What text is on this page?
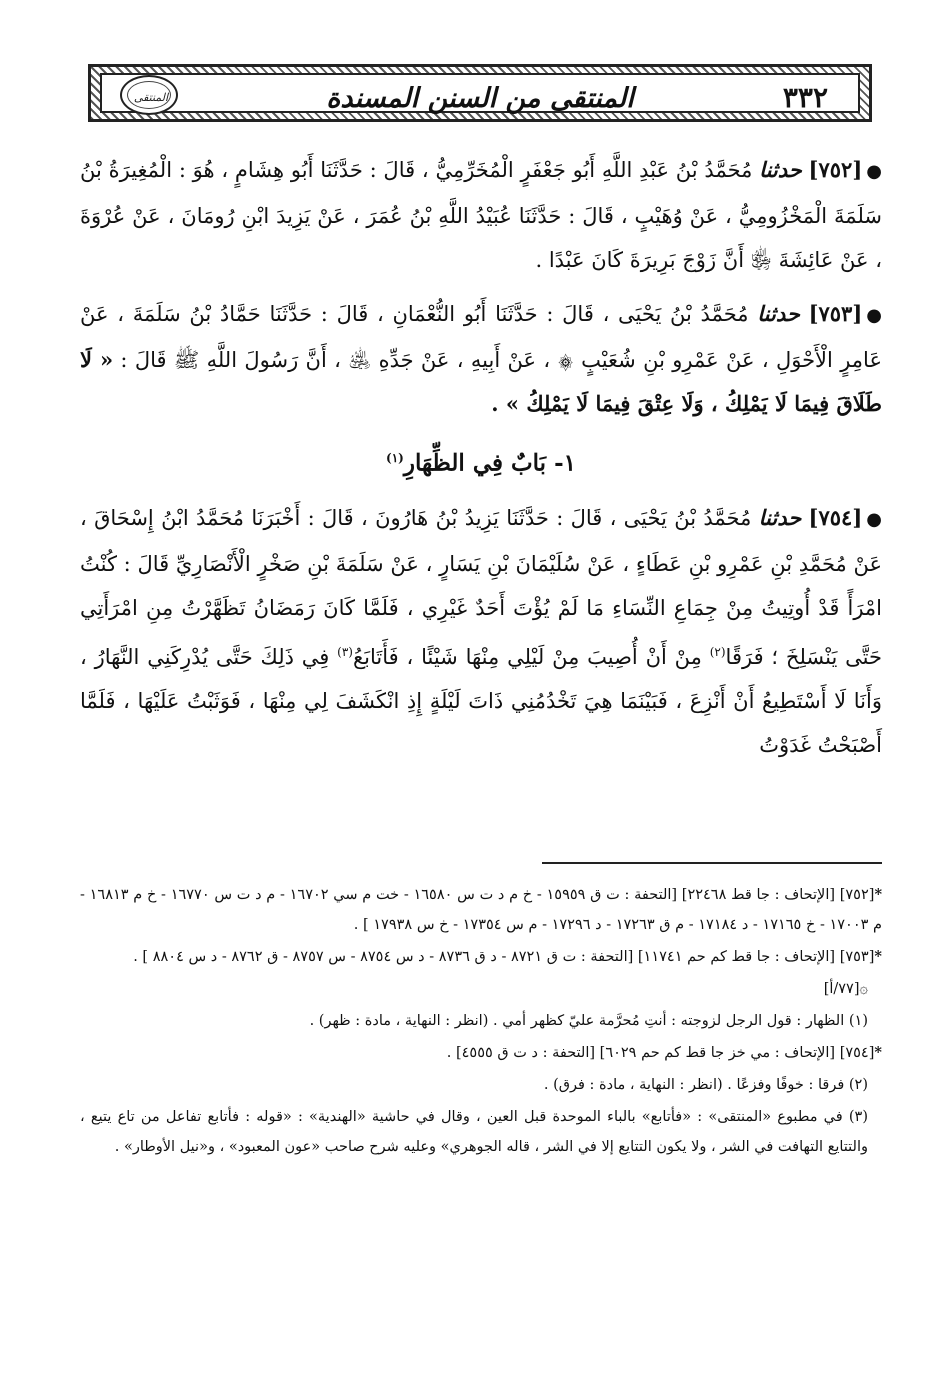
٣٣٢
المنتقى من السنن المسندة
المنتقى

●[٧٥٢] حدثنا مُحَمَّدُ بْنُ عَبْدِ اللَّهِ أَبُو جَعْفَرٍ الْمُخَرِّمِيُّ ، قَالَ : حَدَّثَنَا أَبُو هِشَامٍ ، هُوَ : الْمُغِيرَةُ بْنُ سَلَمَةَ الْمَخْزُومِيُّ ، عَنْ وُهَيْبٍ ، قَالَ : حَدَّثَنَا عُبَيْدُ اللَّهِ بْنُ عُمَرَ ، عَنْ يَزِيدَ ابْنِ رُومَانَ ، عَنْ عُرْوَةَ ، عَنْ عَائِشَةَ ﵂ أَنَّ زَوْجَ بَرِيرَةَ كَانَ عَبْدًا .

●[٧٥٣] حدثنا مُحَمَّدُ بْنُ يَحْيَى ، قَالَ : حَدَّثَنَا أَبُو النُّعْمَانِ ، قَالَ : حَدَّثَنَا حَمَّادُ بْنُ سَلَمَةَ ، عَنْ عَامِرٍ الْأَحْوَلِ ، عَنْ عَمْرِو بْنِ شُعَيْبٍ ۞ ، عَنْ أَبِيهِ ، عَنْ جَدِّهِ ﵁ ، أَنَّ رَسُولَ اللَّهِ ﷺ قَالَ : « لَا طَلَاقَ فِيمَا لَا يَمْلِكُ ، وَلَا عِتْقَ فِيمَا لَا يَمْلِكُ » .

١- بَابٌ فِي الظِّهَارِ$^{(١)}$

●[٧٥٤] حدثنا مُحَمَّدُ بْنُ يَحْيَى ، قَالَ : حَدَّثَنَا يَزِيدُ بْنُ هَارُونَ ، قَالَ : أَخْبَرَنَا مُحَمَّدُ ابْنُ إِسْحَاقَ ، عَنْ مُحَمَّدِ بْنِ عَمْرِو بْنِ عَطَاءٍ ، عَنْ سُلَيْمَانَ بْنِ يَسَارٍ ، عَنْ سَلَمَةَ بْنِ صَخْرٍ الْأَنْصَارِيِّ قَالَ : كُنْتُ امْرَأً قَدْ أُوتِيتُ مِنْ جِمَاعِ النِّسَاءِ مَا لَمْ يُؤْتَ أَحَدٌ غَيْرِي ، فَلَمَّا كَانَ رَمَضَانُ تَظَهَّرْتُ مِنِ امْرَأَتِي حَتَّى يَنْسَلِخَ ؛ فَرَقًا$^{(٢)}$ مِنْ أَنْ أُصِيبَ مِنْ لَيْلِي مِنْهَا شَيْئًا ، فَأَتَابَعُ$^{(٣)}$ فِي ذَلِكَ حَتَّى يُدْرِكَنِي النَّهَارُ ، وَأَنَا لَا أَسْتَطِيعُ أَنْ أَنْزِعَ ، فَبَيْنَمَا هِيَ تَخْدُمُنِي ذَاتَ لَيْلَةٍ إِذِ انْكَشَفَ لِي مِنْهَا ، فَوَثَبْتُ عَلَيْهَا ، فَلَمَّا أَصْبَحْتُ غَدَوْتُ

*[٧٥٢] [الإتحاف : جا قط ٢٢٤٦٨] [التحفة : ت ق ١٥٩٥٩ - خ م د ت س ١٦٥٨٠ - خت م سي ١٦٧٠٢ - م د ت س ١٦٧٧٠ - خ م ١٦٨١٣ - م ١٧٠٠٣ - خ ١٧١٦٥ - د ١٧١٨٤ - م ق ١٧٢٦٣ - د ١٧٢٩٦ - م س ١٧٣٥٤ - خ س ١٧٩٣٨ ] .
*[٧٥٣] [الإتحاف : جا قط كم حم ١١٧٤١] [التحفة : ت ق ٨٧٢١ - د ق ٨٧٣٦ - د س ٨٧٥٤ - س ٨٧٥٧ - ق ٨٧٦٢ - د س ٨٨٠٤ ] .
۞[٧٧/أ]
(١) الظهار : قول الرجل لزوجته : أنتِ مُحرَّمة عليّ كظهر أمي . (انظر : النهاية ، مادة : ظهر) .
*[٧٥٤] [الإتحاف : مي خز جا قط كم حم ٦٠٢٩] [التحفة : د ت ق ٤٥٥٥] .
(٢) فرقا : خوفًا وفزعًا . (انظر : النهاية ، مادة : فرق) .
(٣) في مطبوع «المنتقى» : «فأتابع» بالباء الموحدة قبل العين ، وقال في حاشية «الهندية» : «قوله : فأتابع تفاعل من تاع يتيع ، والتتايع التهافت في الشر ، ولا يكون التتايع إلا في الشر ، قاله الجوهري» وعليه شرح صاحب «عون المعبود» ، و«نيل الأوطار» .
